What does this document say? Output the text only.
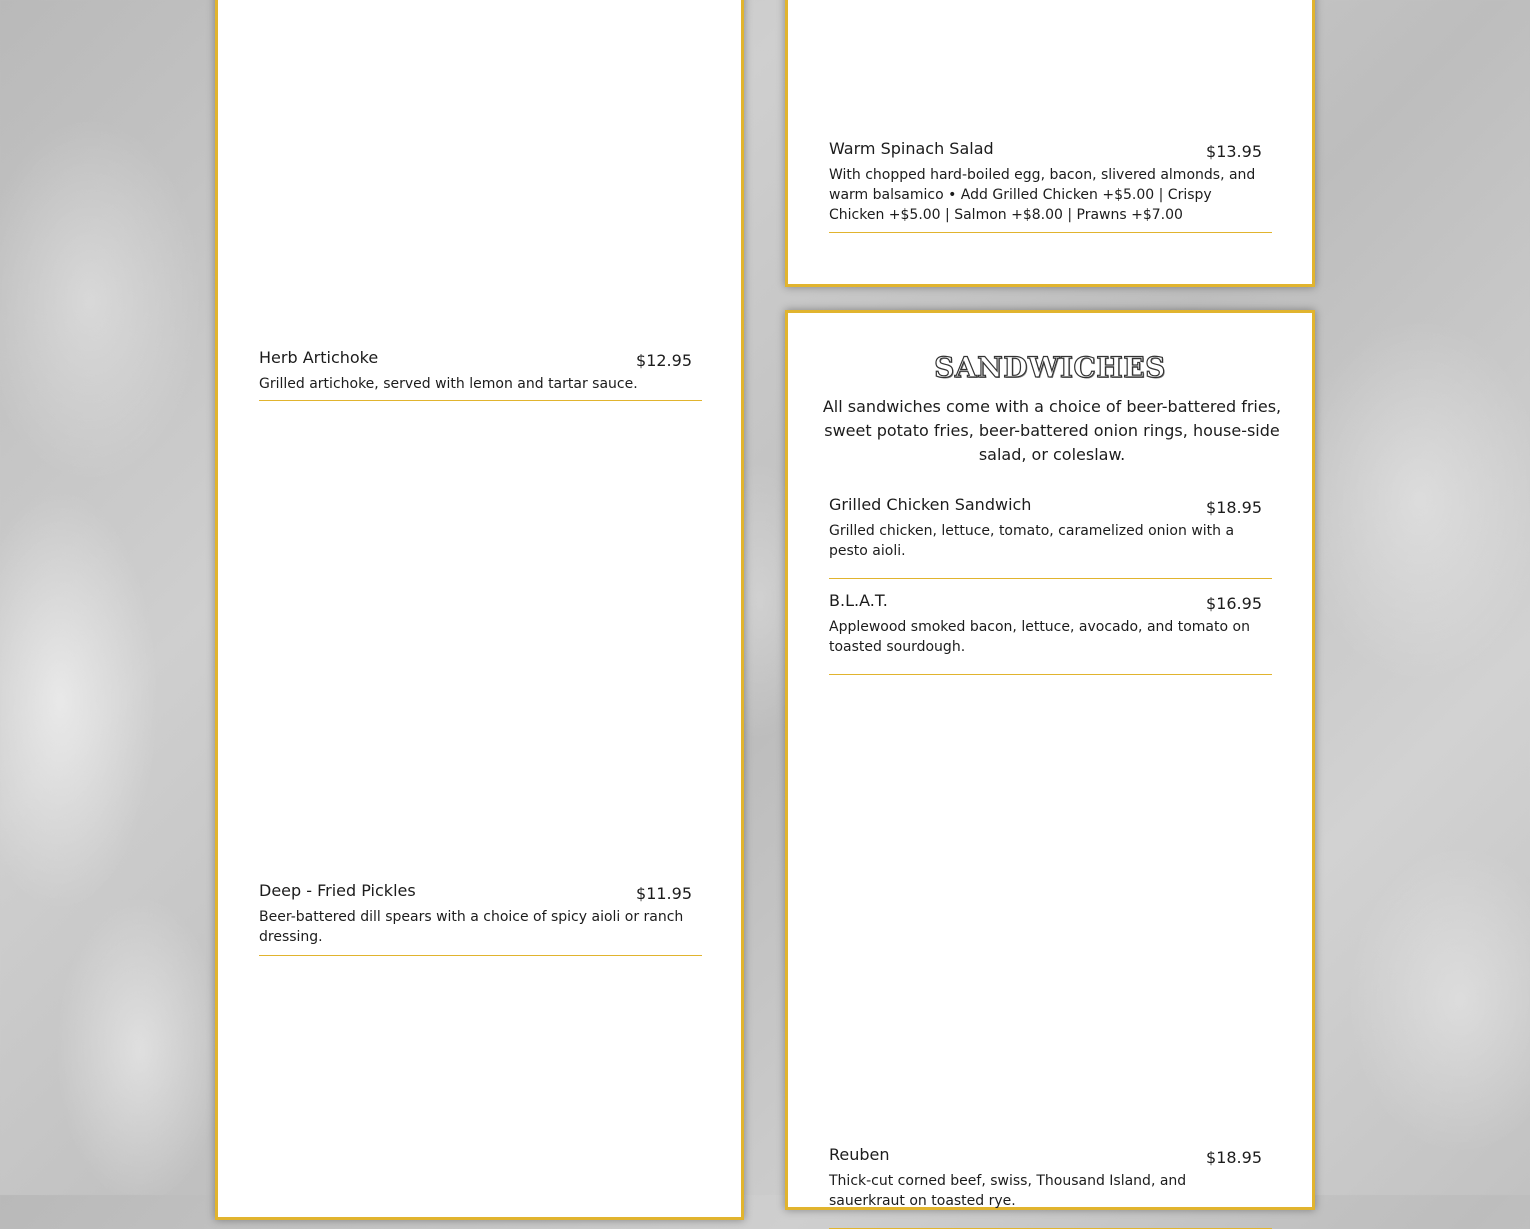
Herb Artichoke	$12.95
Grilled artichoke, served with lemon and tartar sauce.
Deep - Fried Pickles	$11.95
Beer-battered dill spears with a choice of spicy aioli or ranch dressing.
Warm Spinach Salad	$13.95
With chopped hard-boiled egg, bacon, slivered almonds, and warm balsamico • Add Grilled Chicken +$5.00 | Crispy Chicken +$5.00 | Salmon +$8.00 | Prawns +$7.00
SANDWICHES
All sandwiches come with a choice of beer-battered fries, sweet potato fries, beer-battered onion rings, house-side salad, or coleslaw.
Grilled Chicken Sandwich	$18.95
Grilled chicken, lettuce, tomato, caramelized onion with a pesto aioli.
B.L.A.T.	$16.95
Applewood smoked bacon, lettuce, avocado, and tomato on toasted sourdough.
Reuben	$18.95
Thick-cut corned beef, swiss, Thousand Island, and sauerkraut on toasted rye.
